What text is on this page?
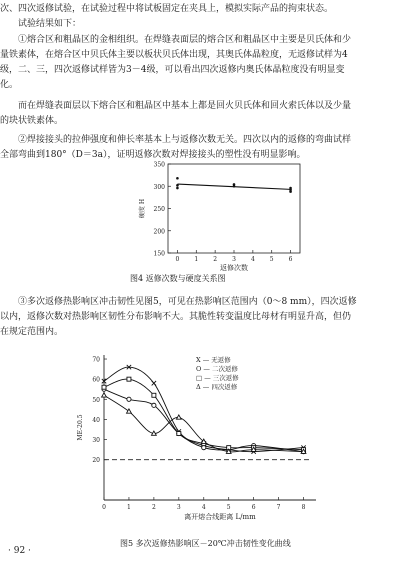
次、四次返修试验，在试验过程中将试板固定在夹具上，模拟实际产品的拘束状态。
试验结果如下：
①熔合区和粗晶区的金相组织。在焊缝表面层的熔合区和粗晶区中主要是贝氏体和少
量铁素体，在熔合区中贝氏体主要以板状贝氏体出现，其奥氏体晶粒度，无返修试样为4
级，二、三，四次返修试样皆为3－4级，可以看出四次返修内奥氏体晶粒度没有明显变
化。
而在焊缝表面层以下熔合区和粗晶区中基本上都是回火贝氏体和回火索氏体以及少量
的块状铁素体。
②焊接接头的拉伸强度和伸长率基本上与返修次数无关。四次以内的返修的弯曲试样
全部弯曲到180°（D＝3a），证明返修次数对焊接接头的塑性没有明显影响。
150
200
250
300
350
0	1	2	3	4	5	6
硬度 H
返修次数
20
30
40
50
60
70
0	1	2	3	4	5	6	7	8
ME-20.5
离开熔合线距离 L/mm
X — 无返修
O — 二次返修
□ — 三次返修
Δ — 四次返修
图4 返修次数与硬度关系图
③多次返修热影响区冲击韧性见图5，可见在热影响区范围内（0～8 mm），四次返修
以内，返修次数对热影响区韧性分布影响不大。其脆性转变温度比母材有明显升高，但仍
在规定范围内。
图5 多次返修热影响区－20℃冲击韧性变化曲线
· 92 ·
